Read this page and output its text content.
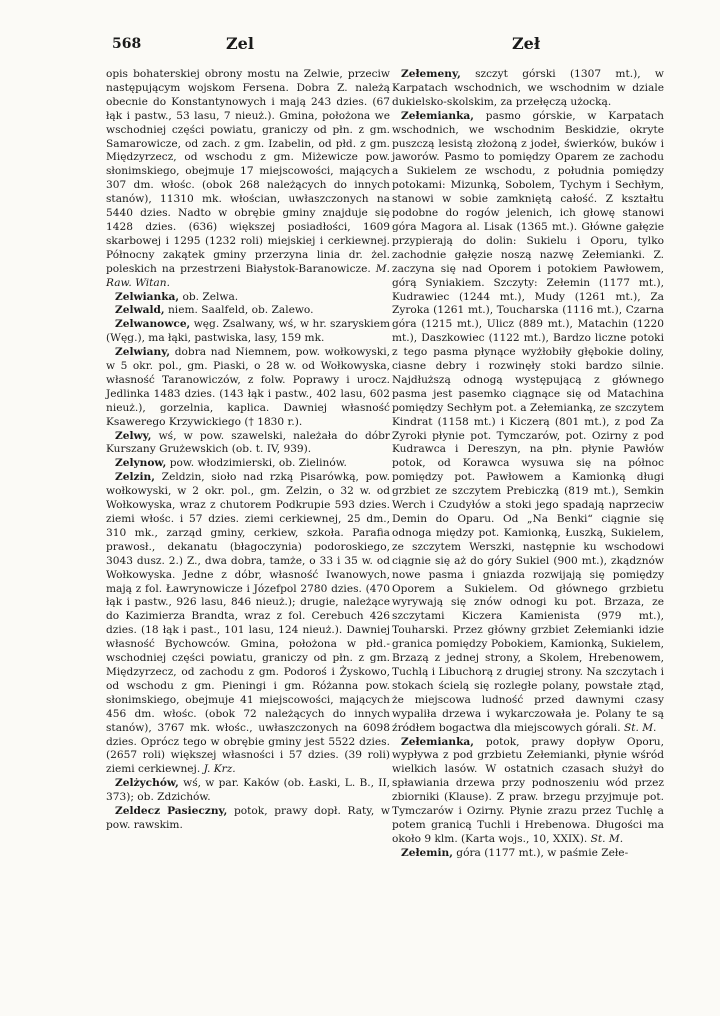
568	Zel	Zeł

opis bohaterskiej obrony mostu na Zelwie, przeciw następującym wojskom Fersena. Dobra Z. należą obecnie do Konstantynowych i mają 243 dzies. (67 łąk i pastw., 53 lasu, 7 nieuż.). Gmina, położona we wschodniej części powiatu, graniczy od płn. z gm. Samarowicze, od zach. z gm. Izabelin, od płd. z gm. Międzyrzecz, od wschodu z gm. Miżewicze pow. słonimskiego, obejmuje 17 miejscowości, mających 307 dm. włośc. (obok 268 należących do innych stanów), 11310 mk. włościan, uwłaszczonych na 5440 dzies. Nadto w obrębie gminy znajduje się 1428 dzies. (636) większej posiadłości, 1609 skarbowej i 1295 (1232 roli) miejskiej i cerkiewnej. Północny zakątek gminy przerzyna linia dr. żel. poleskich na przestrzeni Białystok-Baranowicze. M. Raw. Witan.

Zelwianka, ob. Zelwa.

Zelwald, niem. Saalfeld, ob. Zalewo.

Zelwanowce, węg. Zsalwany, wś, w hr. szaryskiem (Węg.), ma łąki, pastwiska, lasy, 159 mk.

Zelwiany, dobra nad Niemnem, pow. wołkowyski, w 5 okr. pol., gm. Piaski, o 28 w. od Wołkowyska, własność Taranowiczów, z folw. Poprawy i urocz. Jedlinka 1483 dzies. (143 łąk i pastw., 402 lasu, 602 nieuż.), gorzelnia, kaplica. Dawniej własność Ksawerego Krzywickiego († 1830 r.).

Zelwy, wś, w pow. szawelski, należała do dóbr Kurszany Grużewskich (ob. t. IV, 939).

Zelynow, pow. włodzimierski, ob. Zielinów.

Zelzin, Zeldzin, sioło nad rzką Pisarówką, pow. wołkowyski, w 2 okr. pol., gm. Zelzin, o 32 w. od Wołkowyska, wraz z chutorem Podkrupie 593 dzies. ziemi włośc. i 57 dzies. ziemi cerkiewnej, 25 dm., 310 mk., zarząd gminy, cerkiew, szkoła. Parafia prawosł., dekanatu (błagoczynia) podoroskiego, 3043 dusz. 2.) Z., dwa dobra, tamże, o 33 i 35 w. od Wołkowyska. Jedne z dóbr, własność Iwanowych, mają z fol. Ławrynowicze i Józefpol 2780 dzies. (470 łąk i pastw., 926 lasu, 846 nieuż.); drugie, należące do Kazimierza Brandta, wraz z fol. Cerebuch 426 dzies. (18 łąk i past., 101 lasu, 124 nieuż.). Dawniej własność Bychowców. Gmina, położona w płd.-wschodniej części powiatu, graniczy od płn. z gm. Międzyrzecz, od zachodu z gm. Podoroś i Żyskowo, od wschodu z gm. Pieningi i gm. Różanna pow. słonimskiego, obejmuje 41 miejscowości, mających 456 dm. włośc. (obok 72 należących do innych stanów), 3767 mk. włośc., uwłaszczonych na 6098 dzies. Oprócz tego w obrębie gminy jest 5522 dzies. (2657 roli) większej własności i 57 dzies. (39 roli) ziemi cerkiewnej. J. Krz.

Zelżychów, wś, w par. Kaków (ob. Łaski, L. B., II, 373); ob. Zdzichów.

Zeldecz Pasieczny, potok, prawy dopł. Raty, w pow. rawskim.

Zełemeny, szczyt górski (1307 mt.), w Karpatach wschodnich, we wschodnim w dziale dukielsko-skolskim, za przełęczą użocką.

Zełemianka, pasmo górskie, w Karpatach wschodnich, we wschodnim Beskidzie, okryte puszczą lesistą złożoną z jodeł, świerków, buków i jaworów. Pasmo to pomiędzy Oparem ze zachodu a Sukielem ze wschodu, z południa pomiędzy potokami: Mizunką, Sobolem, Tychym i Sechłym, stanowi w sobie zamkniętą całość. Z kształtu podobne do rogów jelenich, ich głowę stanowi góra Magora al. Lisak (1365 mt.). Główne gałęzie przypierają do dolin: Sukielu i Oporu, tylko zachodnie gałęzie noszą nazwę Zełemianki. Z. zaczyna się nad Oporem i potokiem Pawłowem, górą Syniakiem. Szczyty: Zełemin (1177 mt.), Kudrawiec (1244 mt.), Mudy (1261 mt.), Za Zyroka (1261 mt.), Toucharska (1116 mt.), Czarna góra (1215 mt.), Ulicz (889 mt.), Matachin (1220 mt.), Daszkowiec (1122 mt.), Bardzo liczne potoki z tego pasma płynące wyżłobiły głębokie doliny, ciasne debry i rozwinęły stoki bardzo silnie. Najdłuższą odnogą występującą z głównego pasma jest pasemko ciągnące się od Matachina pomiędzy Sechłym pot. a Zełemianką, ze szczytem Kindrat (1158 mt.) i Kiczerą (801 mt.), z pod Za Zyroki płynie pot. Tymczarów, pot. Ozirny z pod Kudrawca i Dereszyn, na płn. płynie Pawłów potok, od Korawca wysuwa się na północ pomiędzy pot. Pawłowem a Kamionką długi grzbiet ze szczytem Prebiczką (819 mt.), Semkin Werch i Czudyłów a stoki jego spadają naprzeciw Demin do Oparu. Od „Na Benki“ ciągnie się odnoga między pot. Kamionką, Łuszką, Sukielem, ze szczytem Werszki, następnie ku wschodowi ciągnie się aż do góry Sukiel (900 mt.), zkądznów nowe pasma i gniazda rozwijają się pomiędzy Oporem a Sukielem. Od głównego grzbietu wyrywają się znów odnogi ku pot. Brzaza, ze szczytami Kiczera Kamienista (979 mt.), Touharski. Przez główny grzbiet Zełemianki idzie granica pomiędzy Pobokiem, Kamionką, Sukielem, Brzazą z jednej strony, a Skolem, Hrebenowem, Tuchlą i Libuchorą z drugiej strony. Na szczytach i stokach ścielą się rozległe polany, powstałe ztąd, że miejscowa ludność przed dawnymi czasy wypaliła drzewa i wykarczowała je. Polany te są źródłem bogactwa dla miejscowych górali. St. M.

Zełemianka, potok, prawy dopływ Oporu, wypływa z pod grzbietu Zełemianki, płynie wśród wielkich lasów. W ostatnich czasach służył do spławiania drzewa przy podnoszeniu wód przez zbiorniki (Klause). Z praw. brzegu przyjmuje pot. Tymczarów i Ozirny. Płynie zrazu przez Tuchlę a potem granicą Tuchli i Hrebenowa. Długości ma około 9 klm. (Karta wojs., 10, XXIX). St. M.

Zełemin, góra (1177 mt.), w paśmie Zełe-
